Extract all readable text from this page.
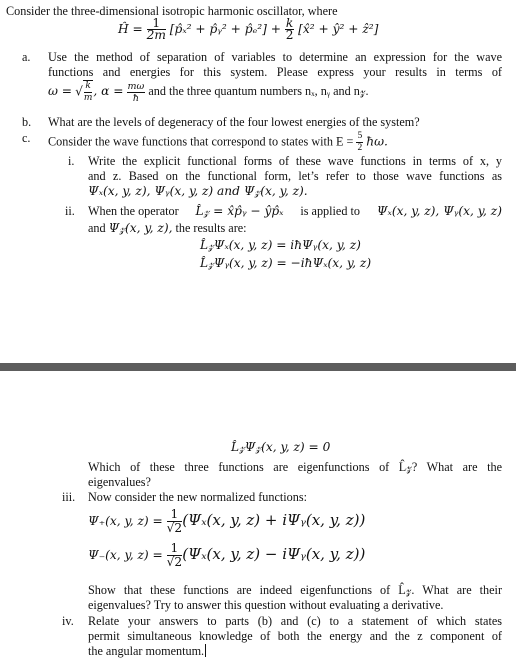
Consider the three-dimensional isotropic harmonic oscillator, where
Ĥ = $\frac{1}{2m}$ [p̂ₓ² + p̂ᵧ² + p̂ₑ²] + $\frac{k}{2}$ [x̂² + ŷ² + ẑ²]
a. Use the method of separation of variables to determine an expression for the wave
functions and energies for this system. Please express your results in terms of
ω = √ $\frac{k}{m}$ , $\alpha = \frac{m\omega}{ħ}$ and the three quantum numbers nₓ, nᵧ and n𝓏.
b. What are the levels of degeneracy of the four lowest energies of the system?
c. Consider the wave functions that correspond to states with $E = \frac{5}{2}$ ħω.
i. Write the explicit functional forms of these wave functions in terms of x, y
and z. Based on the functional form, let’s refer to those wave functions as
Ψₓ(x, y, z), Ψᵧ(x, y, z) and Ψ𝓏(x, y, z).
ii. When the operator L̂𝓏 = x̂p̂ᵧ − ŷp̂ₓ is applied to Ψₓ(x, y, z), Ψᵧ(x, y, z)
and Ψ𝓏(x, y, z), the results are:
L̂𝓏Ψₓ(x, y, z) = iħΨᵧ(x, y, z)
L̂𝓏Ψᵧ(x, y, z) = −iħΨₓ(x, y, z)
L̂𝓏Ψ𝓏(x, y, z) = 0
Which of these three functions are eigenfunctions of L̂𝓏? What are the
eigenvalues?
iii. Now consider the new normalized functions:
Ψ₊(x, y, $z) = \frac{1}{√2} (\Psi_x(x$, y, z) + iΨᵧ(x, y, z))
Ψ₋(x, y, $z) = \frac{1}{√2} (\Psi_x(x$, y, z) − iΨᵧ(x, y, z))
Show that these functions are indeed eigenfunctions of L̂𝓏. What are their
eigenvalues? Try to answer this question without evaluating a derivative.
iv. Relate your answers to parts (b) and (c) to a statement of which states
permit simultaneous knowledge of both the energy and the z component of
the angular momentum.
